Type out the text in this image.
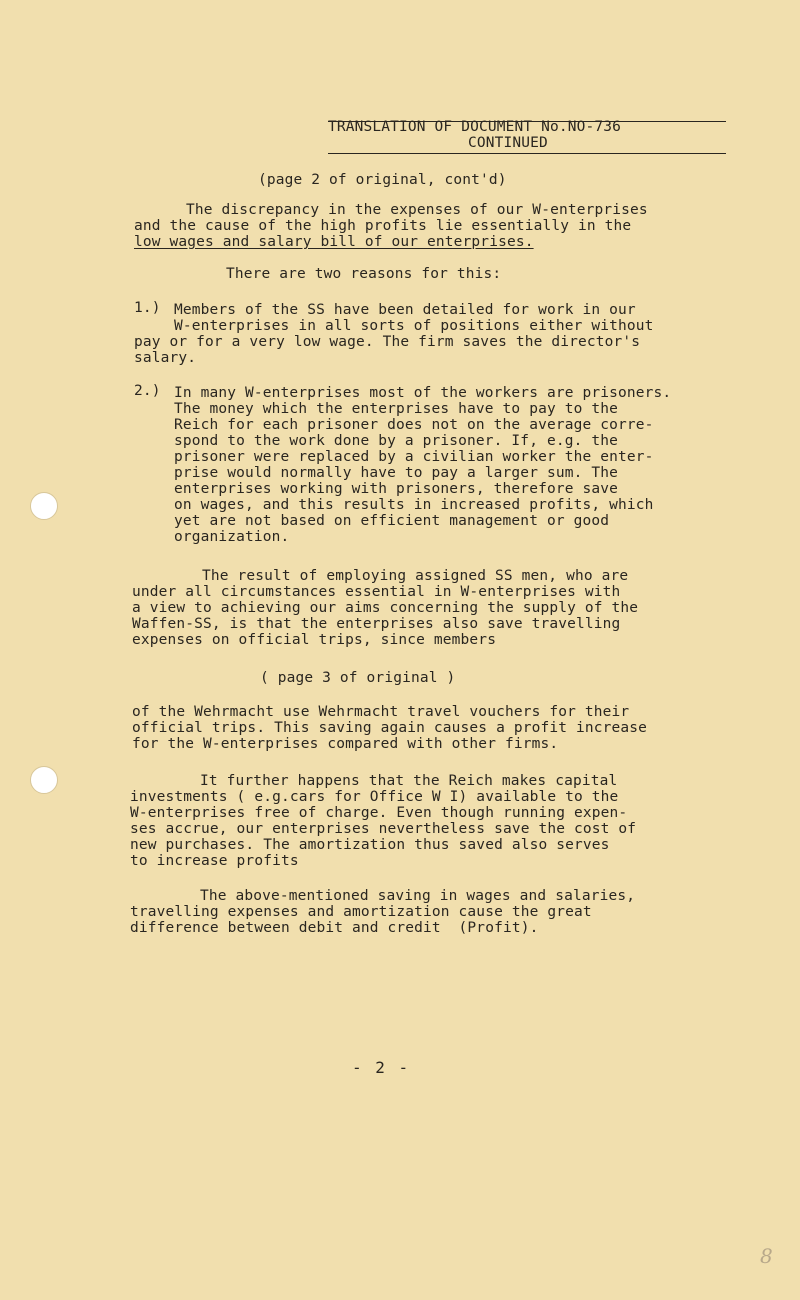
TRANSLATION OF DOCUMENT No.NO-736
CONTINUED
(page 2 of original, cont'd)
The discrepancy in the expenses of our W-enterprises
and the cause of the high profits lie essentially in the
low wages and salary bill of our enterprises.
There are two reasons for this:
1.) Members of the SS have been detailed for work in our
W-enterprises in all sorts of positions either without
pay or for a very low wage. The firm saves the director's
salary.
2.) In many W-enterprises most of the workers are prisoners.
The money which the enterprises have to pay to the
Reich for each prisoner does not on the average corre-
spond to the work done by a prisoner. If, e.g. the
prisoner were replaced by a civilian worker the enter-
prise would normally have to pay a larger sum. The
enterprises working with prisoners, therefore save
on wages, and this results in increased profits, which
yet are not based on efficient management or good
organization.
The result of employing assigned SS men, who are
under all circumstances essential in W-enterprises with
a view to achieving our aims concerning the supply of the
Waffen-SS, is that the enterprises also save travelling
expenses on official trips, since members
( page 3 of original )
of the Wehrmacht use Wehrmacht travel vouchers for their
official trips. This saving again causes a profit increase
for the W-enterprises compared with other firms.
It further happens that the Reich makes capital
investments ( e.g.cars for Office W I) available to the
W-enterprises free of charge. Even though running expen-
ses accrue, our enterprises nevertheless save the cost of
new purchases. The amortization thus saved also serves
to increase profits
The above-mentioned saving in wages and salaries,
travelling expenses and amortization cause the great
difference between debit and credit  (Profit).
- 2 -
8
